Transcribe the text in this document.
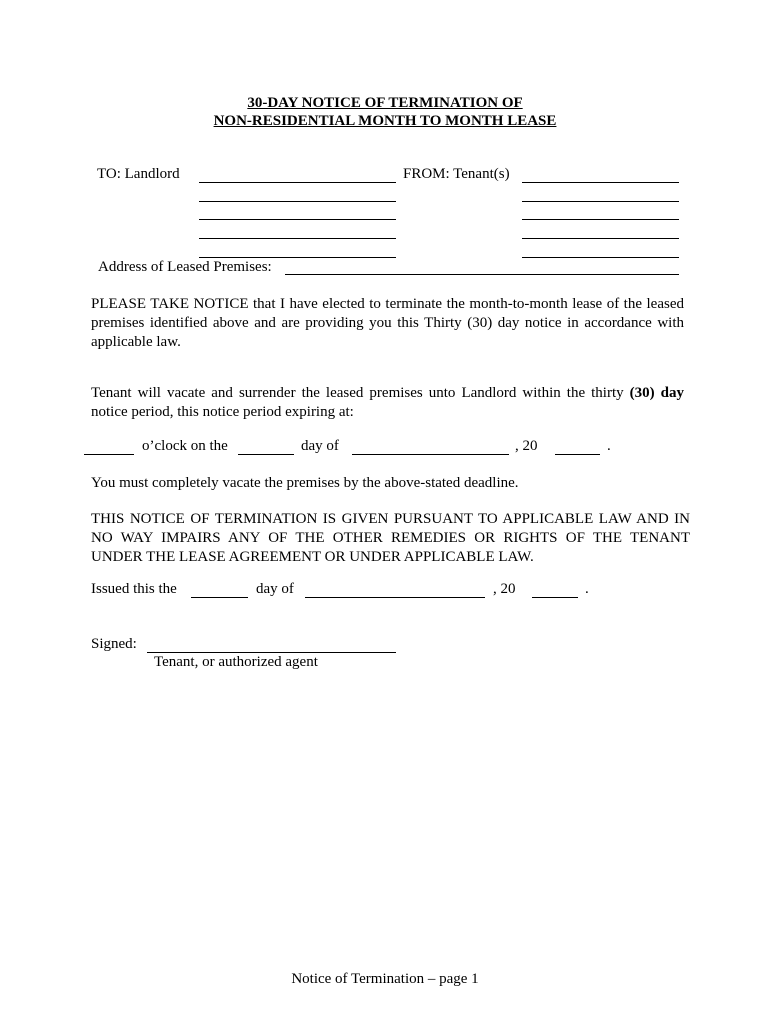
30-DAY NOTICE OF TERMINATION OF
NON-RESIDENTIAL MONTH TO MONTH LEASE
TO: Landlord	FROM: Tenant(s)
Address of Leased Premises:
PLEASE TAKE NOTICE that I have elected to terminate the month-to-month lease of the leased premises identified above and are providing you this Thirty (30) day notice in accordance with applicable law.
Tenant will vacate and surrender the leased premises unto Landlord within the thirty (30) day notice period, this notice period expiring at:
o’clock on the	day of	, 20	.
You must completely vacate the premises by the above-stated deadline.
THIS NOTICE OF TERMINATION IS GIVEN PURSUANT TO APPLICABLE LAW AND IN NO WAY IMPAIRS ANY OF THE OTHER REMEDIES OR RIGHTS OF THE TENANT UNDER THE LEASE AGREEMENT OR UNDER APPLICABLE LAW.
Issued this the	day of	, 20	.
Signed:
Tenant, or authorized agent
Notice of Termination – page 1
